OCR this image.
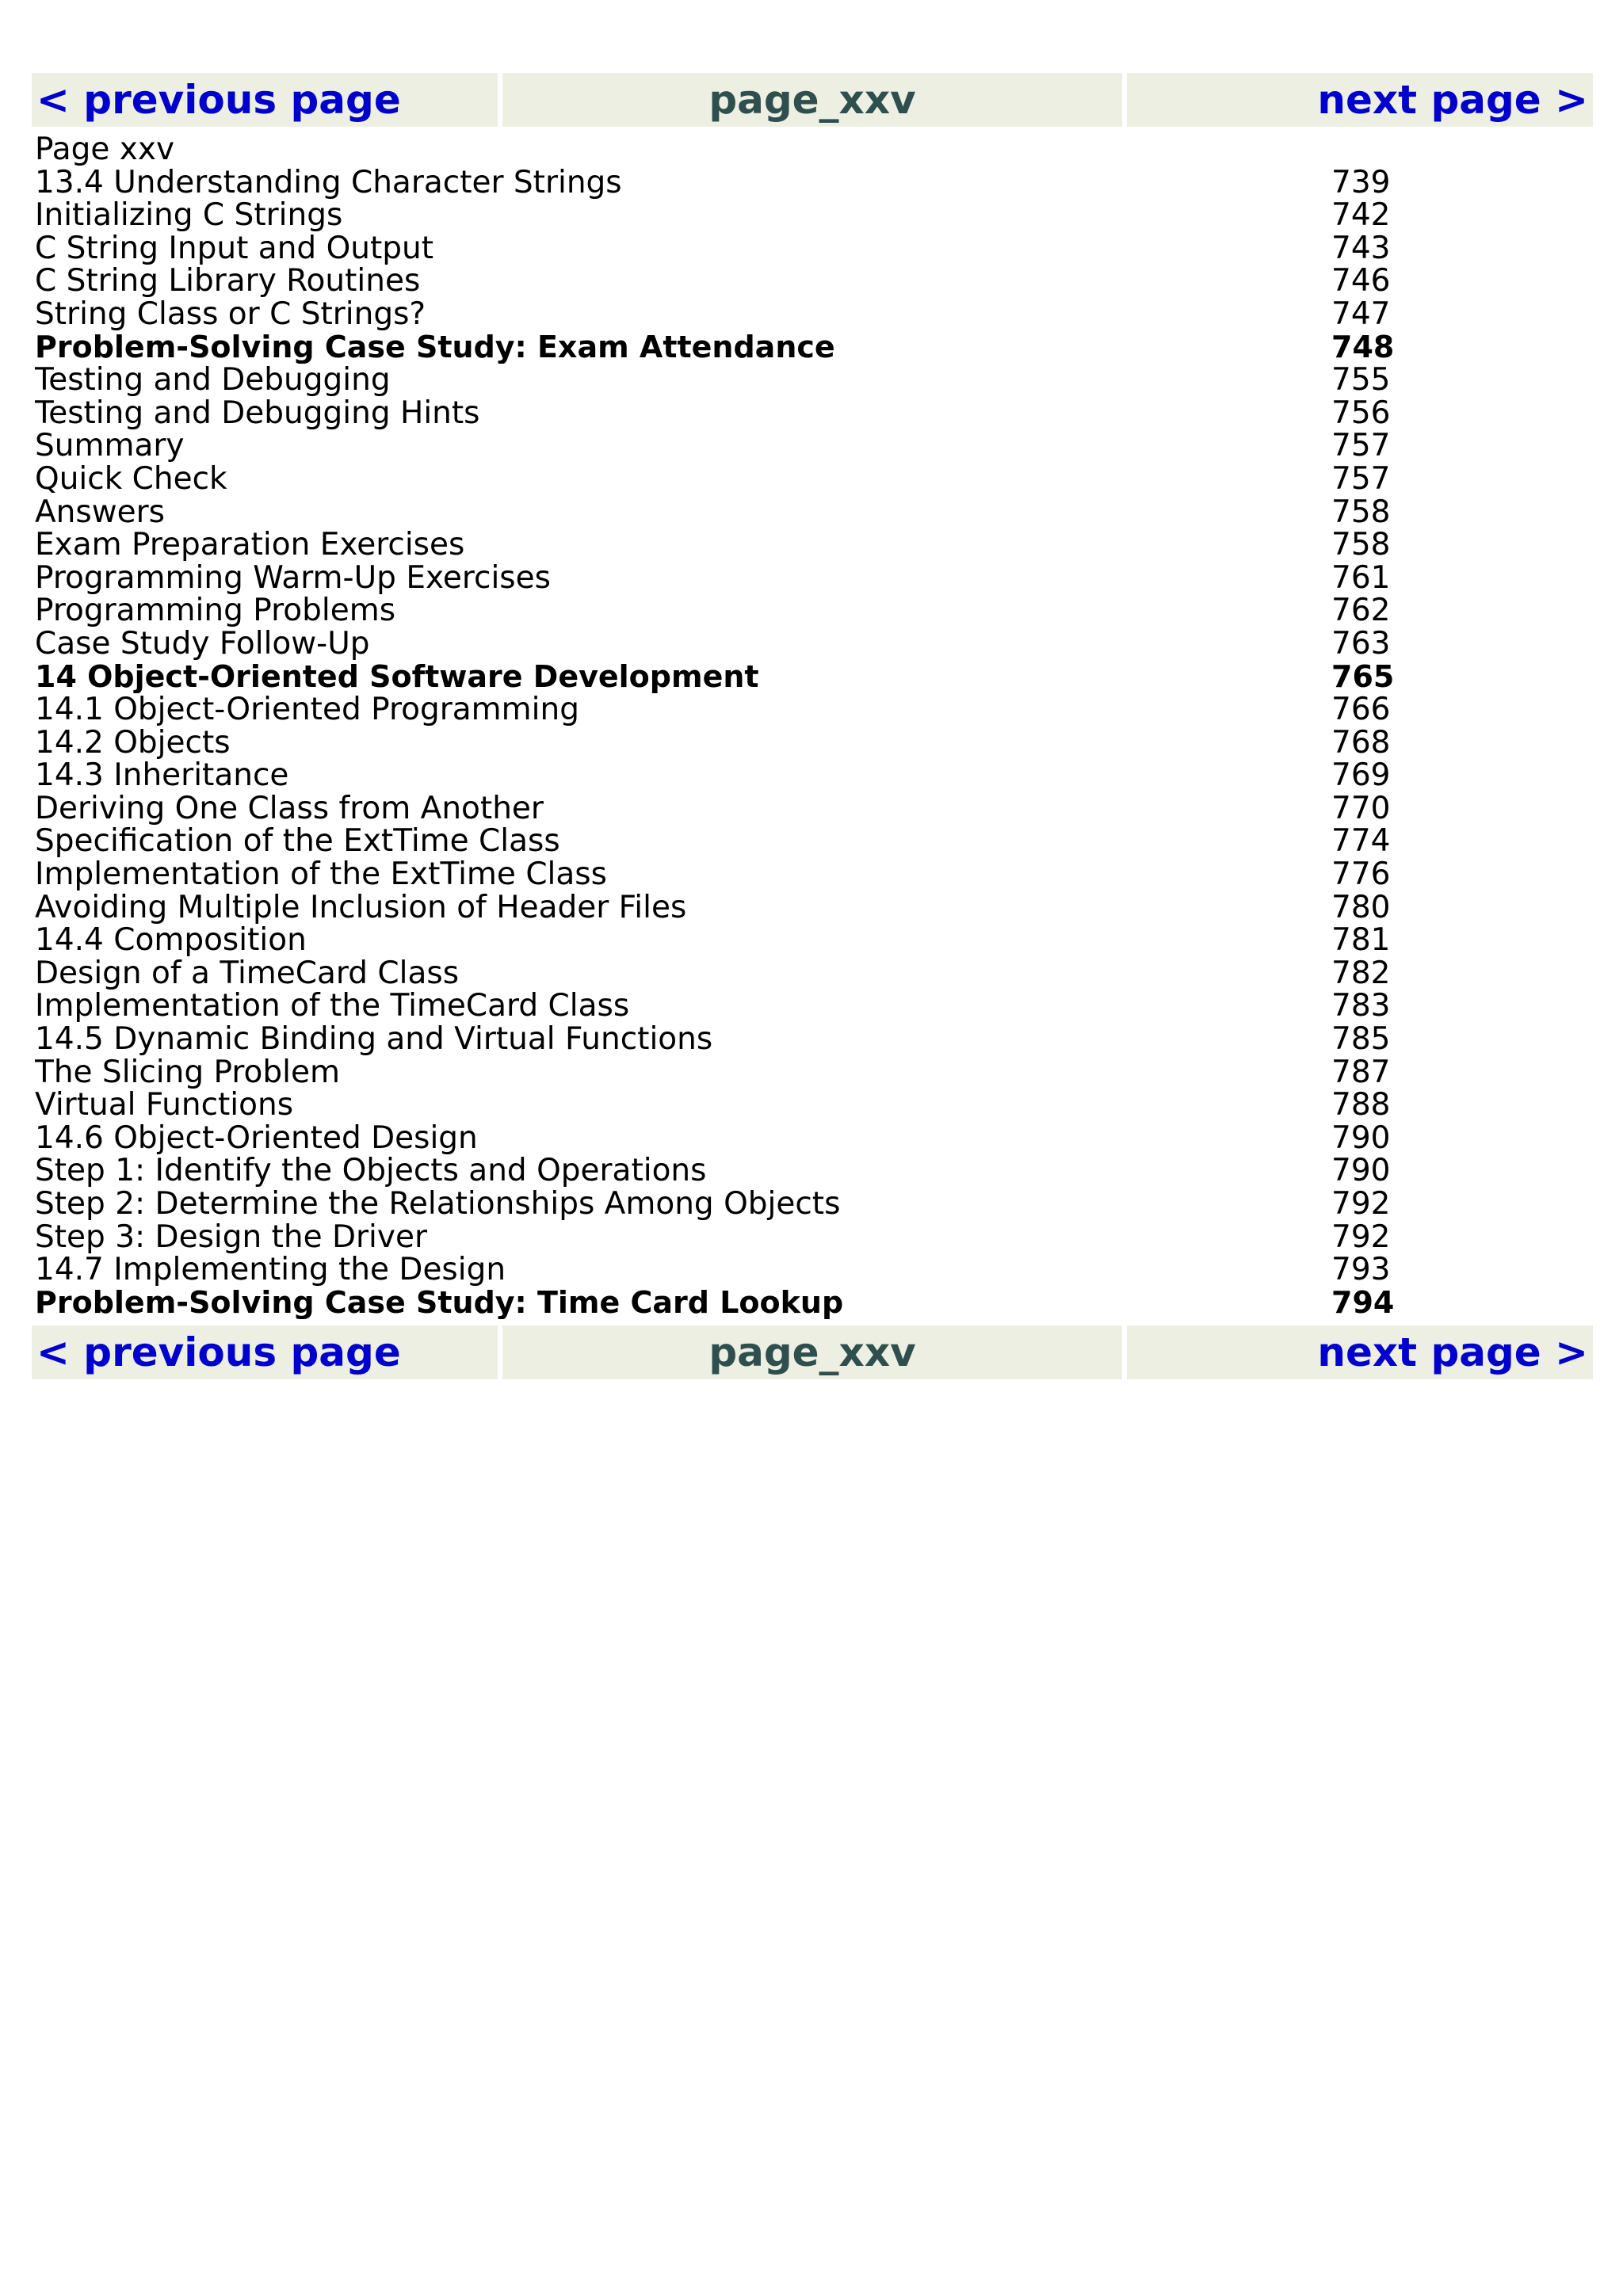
< previous page	page_xxv	next page >
Page xxv
13.4 Understanding Character Strings	739
Initializing C Strings	742
C String Input and Output	743
C String Library Routines	746
String Class or C Strings?	747
Problem-Solving Case Study: Exam Attendance	748
Testing and Debugging	755
Testing and Debugging Hints	756
Summary	757
Quick Check	757
Answers	758
Exam Preparation Exercises	758
Programming Warm-Up Exercises	761
Programming Problems	762
Case Study Follow-Up	763
14 Object-Oriented Software Development	765
14.1 Object-Oriented Programming	766
14.2 Objects	768
14.3 Inheritance	769
Deriving One Class from Another	770
Specification of the ExtTime Class	774
Implementation of the ExtTime Class	776
Avoiding Multiple Inclusion of Header Files	780
14.4 Composition	781
Design of a TimeCard Class	782
Implementation of the TimeCard Class	783
14.5 Dynamic Binding and Virtual Functions	785
The Slicing Problem	787
Virtual Functions	788
14.6 Object-Oriented Design	790
Step 1: Identify the Objects and Operations	790
Step 2: Determine the Relationships Among Objects	792
Step 3: Design the Driver	792
14.7 Implementing the Design	793
Problem-Solving Case Study: Time Card Lookup	794
< previous page	page_xxv	next page >
